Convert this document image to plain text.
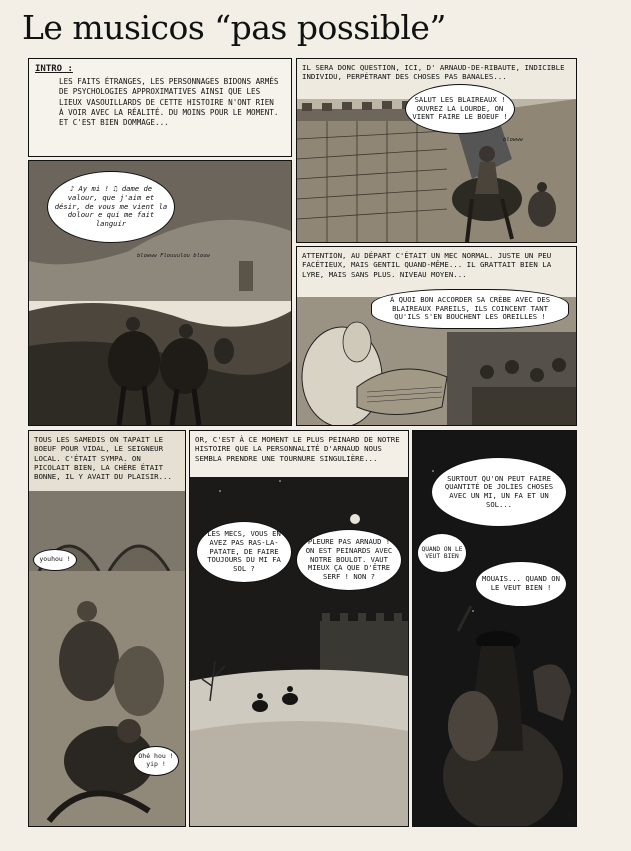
Le musicos “pas possible”
INTRO :
LES FAITS ÉTRANGES, LES PERSONNAGES BIDONS ARMÉS DE PSYCHOLOGIES APPROXIMATIVES AINSI QUE LES LIEUX VASOUILLARDS DE CETTE HISTOIRE N'ONT RIEN À VOIR AVEC LA RÉALITÉ. DU MOINS POUR LE MOMENT. ET C'EST BIEN DOMMAGE...
IL SERA DONC QUESTION, ICI, D' ARNAUD-DE-RIBAUTE, INDICIBLE INDIVIDU, PERPÉTRANT DES CHOSES PAS BANALES...
SALUT LES BLAIREAUX ! OUVREZ LA LOURDE, ON VIENT FAIRE LE BOEUF !
blowww
♪ Ay mi ! ♫ dame de valour, que j'aim et désir, de vous me vient la dolour e qui me fait languir
blowww Flouuulou blouw	ATTENTION, AU DÉPART C'ÉTAIT UN MEC NORMAL. JUSTE UN PEU FACÉTIEUX, MAIS GENTIL QUAND-MÊME... IL GRATTAIT BIEN LA LYRE, MAIS SANS PLUS. NIVEAU MOYEN...
À QUOI BON ACCORDER SA CRÈBE AVEC DES BLAIREAUX PAREILS, ILS COINCENT TANT QU'ILS S'EN BOUCHENT LES OREILLES !
TOUS LES SAMEDIS ON TAPAIT LE BOEUF POUR VIDAL, LE SEIGNEUR LOCAL. C'ÉTAIT SYMPA. ON PICOLAIT BIEN, LA CHÈRE ÉTAIT BONNE, IL Y AVAIT DU PLAISIR...
youhou !
Ohé hou ! yip !
OR, C'EST À CE MOMENT LE PLUS PEINARD DE NOTRE HISTOIRE QUE LA PERSONNALITÉ D'ARNAUD NOUS SEMBLA PRENDRE UNE TOURNURE SINGULIÈRE...
LES MECS, VOUS EN AVEZ PAS RAS-LA-PATATE, DE FAIRE TOUJOURS DU MI FA SOL ?
PLEURE PAS ARNAUD ! ON EST PEINARDS AVEC NOTRE BOULOT. VAUT MIEUX ÇA QUE D'ÊTRE SERF ! NON ?
SURTOUT QU'ON PEUT FAIRE QUANTITÉ DE JOLIES CHOSES AVEC UN MI, UN FA ET UN SOL...
QUAND ON LE VEUT BIEN
MOUAIS... QUAND ON LE VEUT BIEN !
5
